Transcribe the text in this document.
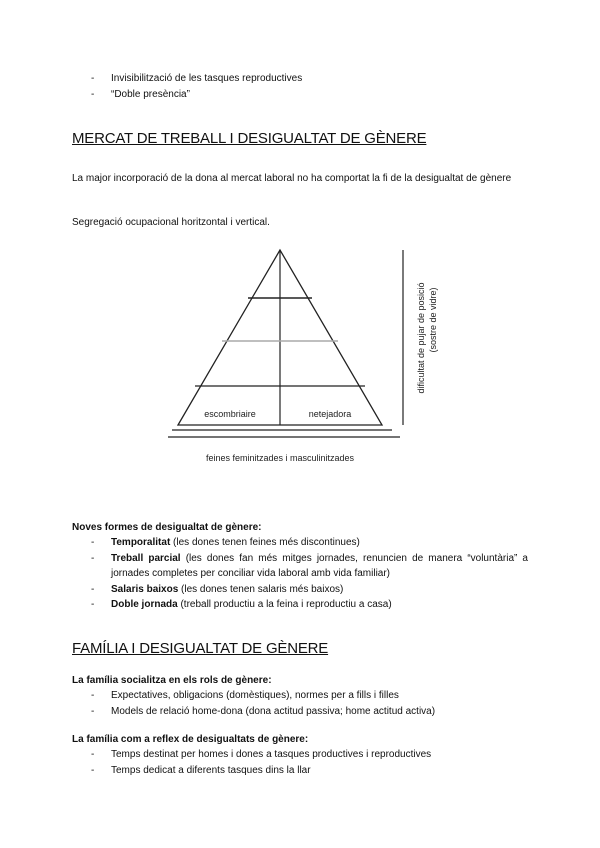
- Invisibilització de les tasques reproductives
- “Doble presència”
MERCAT DE TREBALL I DESIGUALTAT DE GÈNERE
La major incorporació de la dona al mercat laboral no ha comportat la fi de la desigualtat de gènere
Segregació ocupacional horitzontal i vertical.
escombriaire	netejadora
feines feminitzades i masculinitzades
dificultat de pujar de posició (sostre de vidre)
Noves formes de desigualtat de gènere:
- Temporalitat (les dones tenen feines més discontinues)
- Treball parcial (les dones fan més mitges jornades, renuncien de manera “voluntària” a jornades completes per conciliar vida laboral amb vida familiar)
- Salaris baixos (les dones tenen salaris més baixos)
- Doble jornada (treball productiu a la feina i reproductiu a casa)
FAMÍLIA I DESIGUALTAT DE GÈNERE
La família socialitza en els rols de gènere:
- Expectatives, obligacions (domèstiques), normes per a fills i filles
- Models de relació home-dona (dona actitud passiva; home actitud activa)
La família com a reflex de desigualtats de gènere:
- Temps destinat per homes i dones a tasques productives i reproductives
- Temps dedicat a diferents tasques dins la llar
